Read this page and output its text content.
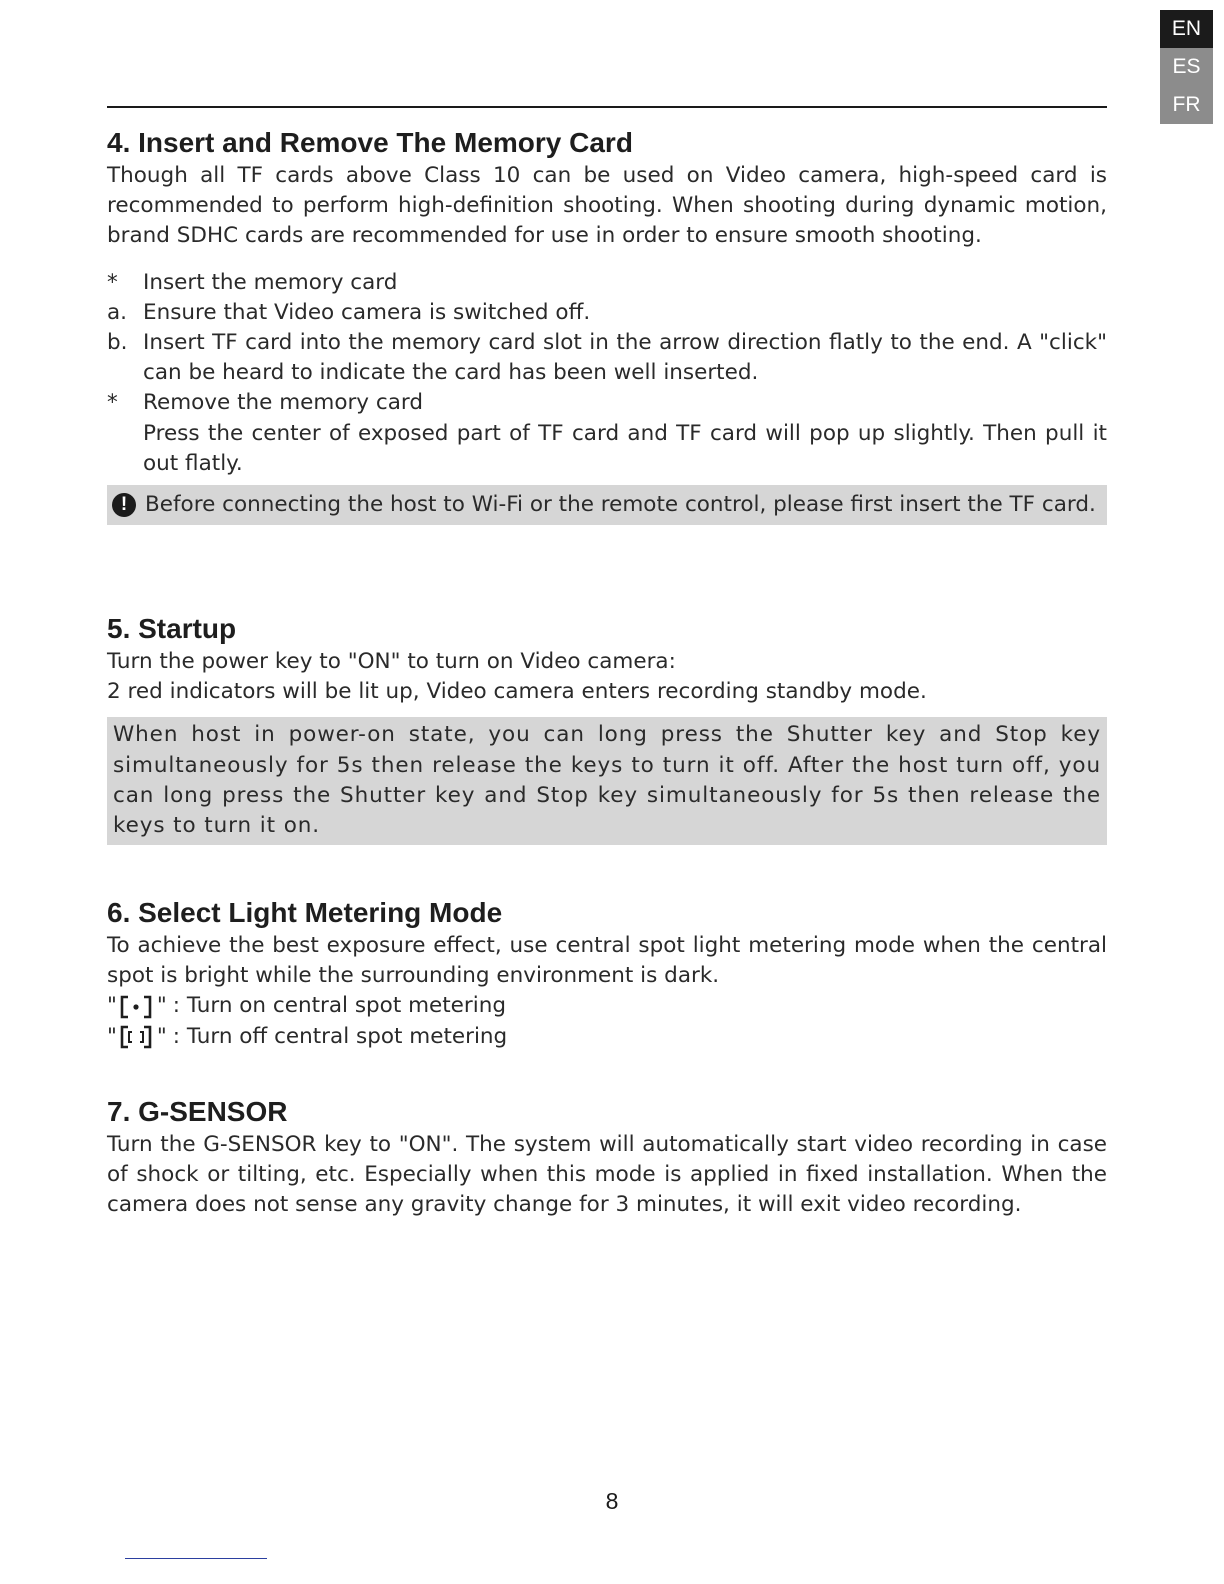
EN
ES
FR
4. Insert and Remove The Memory Card

Though all TF cards above Class 10 can be used on Video camera, high-speed card is recommended to perform high-definition shooting. When shooting during dynamic motion, brand SDHC cards are recommended for use in order to ensure smooth shooting.

*	Insert the memory card
a. Ensure that Video camera is switched off.
b. Insert TF card into the memory card slot in the arrow direction flatly to the end. A "click" can be heard to indicate the card has been well inserted.
*	Remove the memory card
Press the center of exposed part of TF card and TF card will pop up slightly. Then pull it out flatly.
! Before connecting the host to Wi-Fi or the remote control, please first insert the TF card.
5. Startup

Turn the power key to "ON" to turn on Video camera:

2 red indicators will be lit up, Video camera enters recording standby mode.

When host in power-on state, you can long press the Shutter key and Stop key simultaneously for 5s then release the keys to turn it off. After the host turn off, you can long press the Shutter key and Stop key simultaneously for 5s then release the keys to turn it on.
6. Select Light Metering Mode

To achieve the best exposure effect, use central spot light metering mode when the central spot is bright while the surrounding environment is dark.

" " : Turn on central spot metering
" " : Turn off central spot metering
7. G-SENSOR

Turn the G-SENSOR key to "ON". The system will automatically start video recording in case of shock or tilting, etc. Especially when this mode is applied in fixed installation. When the camera does not sense any gravity change for 3 minutes, it will exit video recording.

8
